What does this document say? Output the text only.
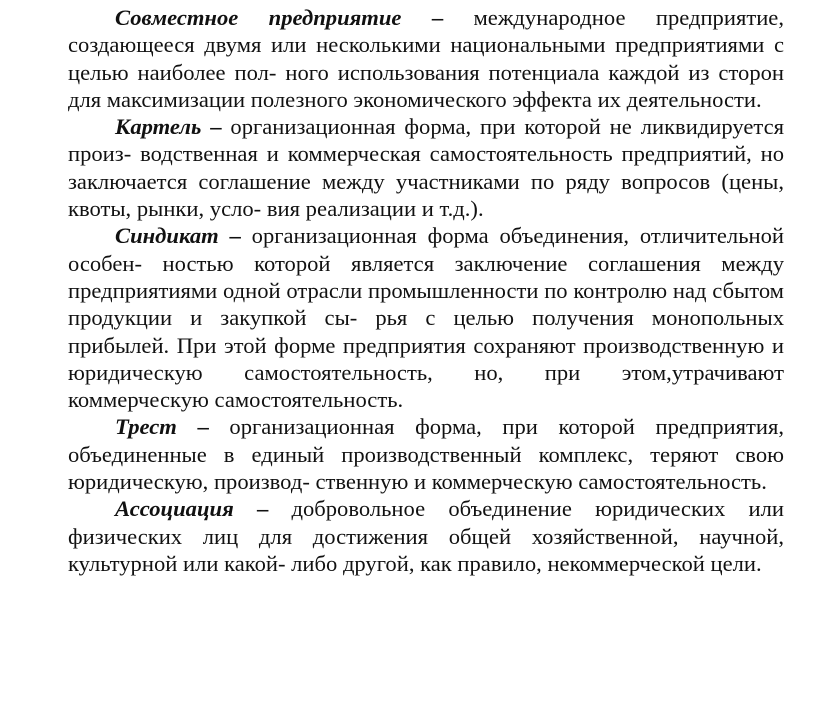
Совместное предприятие – международное предприятие, создающееся двумя или несколькими национальными предприятиями с целью наиболее пол- ного использования потенциала каждой из сторон для максимизации полезного экономического эффекта их деятельности.

Картель – организационная форма, при которой не ликвидируется произ- водственная и коммерческая самостоятельность предприятий, но заключается соглашение между участниками по ряду вопросов (цены, квоты, рынки, усло- вия реализации и т.д.).

Синдикат – организационная форма объединения, отличительной особен- ностью которой является заключение соглашения между предприятиями одной отрасли промышленности по контролю над сбытом продукции и закупкой сы- рья с целью получения монопольных прибылей. При этой форме предприятия сохраняют производственную и юридическую самостоятельность, но, при этом,утрачивают коммерческую самостоятельность.

Трест – организационная форма, при которой предприятия, объединенные в единый производственный комплекс, теряют свою юридическую, производ- ственную и коммерческую самостоятельность.

Ассоциация – добровольное объединение юридических или физических лиц для достижения общей хозяйственной, научной, культурной или какой- либо другой, как правило, некоммерческой цели.
